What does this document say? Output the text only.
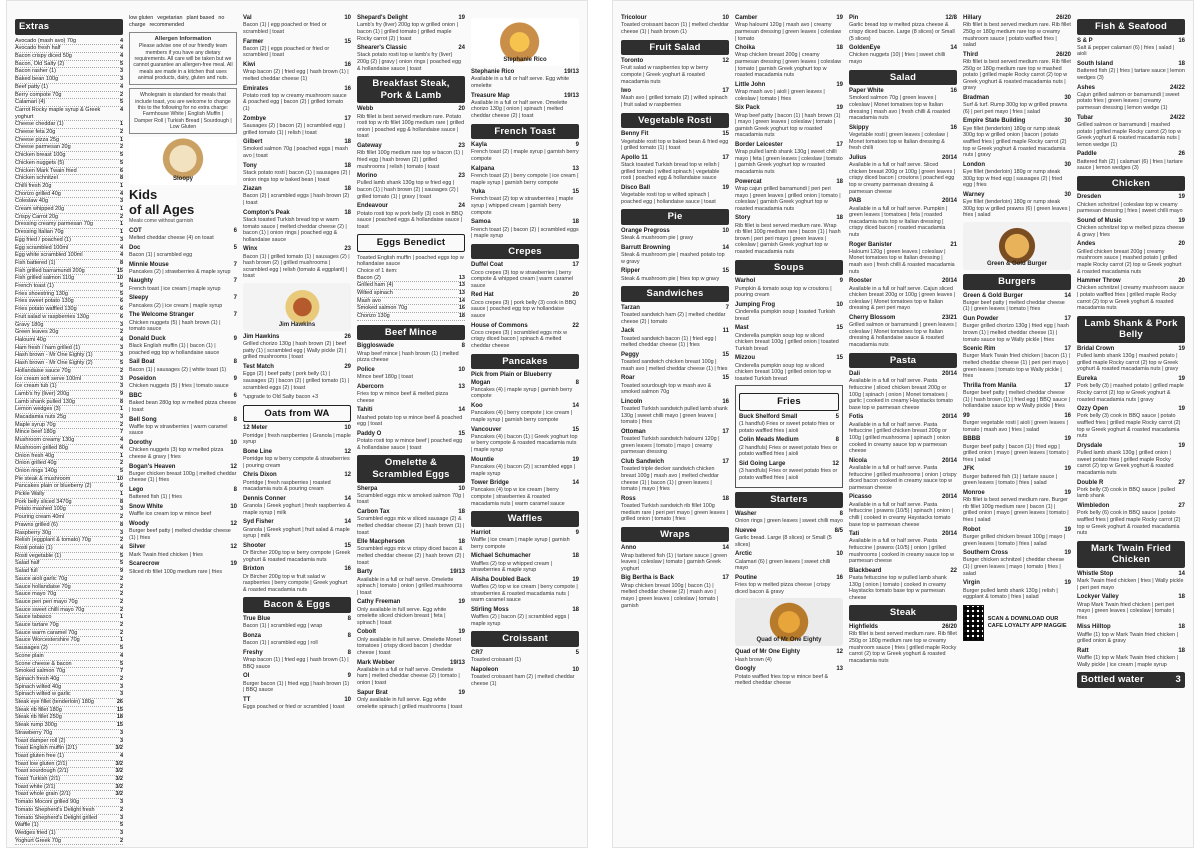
Extras
Avocado (mash avo) 70g	4
Avocado fresh half	4
Bacon crispy diced 50g	4
Bacon, Old Salty (2)	5
Bacon rasher (1)	3
Baked bean 100g	3
Beef patty (1)	4
Berry compote 70g	2
Calamari (4)	5
Carrot Rocky maple syrup & Greek yoghurt
4
Cheese cheddar (1)	1
Cheese feta 20g	2
Cheese pizza 25g	1
Cheese parmesan 20g	2
Chicken breast 100g	5
Chicken nuggets (5)	5
Chicken Mark Twain fried	6
Chicken schnitzel	8
Chilli fresh 20g	1
Chorizo grilled 40g	4
Coleslaw 40g	3
Cream whipped 20g	1
Crispy Carrot 20g	2
Dressing creamy parmesan 70g	1
Dressing Italian 70g	1
Egg fried / poached (1)	3
Egg scrambled 100ml	4
Egg white scrambled 100ml	4
Fish battered (1)	8
Fish grilled barramundi 200g	15
Fish grilled salmon 110g	10
French toast (1)	5
Fries shoestring 130g	5
Fries sweet potato 130g	6
Fries potato waffled 130g	6
Fruit salad w raspberries 130g	6
Gravy 180g	3
Green leaves 20g	2
Haloumi 40g	4
Ham fresh / ham grilled (1)	3
Hash brown - Mr One Eighty (1)	3
Hash brown - Mr One Eighty (2)	5
Hollandaise sauce 70g	2
Ice cream soft serve 100ml	3
Ice cream tub (1)	3
Lamb's fry (liver) 200g	9
Lamb shank pulled 130g	8
Lemon wedges (3)	1
Macadamia nuts 25g	3
Maple syrup 70g	2
Mince beef 180g	7
Mushroom creamy 130g	4
Mushroom grilled 80g	4
Onion fresh 40g	1
Onion grilled 40g	2
Onion rings 140g	5
Pie steak & mushroom	10
Pancakes plain or blueberry (2)	6
Pickle Wally	1
Pork belly sliced 3470g	8
Potato mashed 100g	3
Pouring cream 40ml	2
Prawns grilled (6)	8
Raspberry 30g	3
Relish (eggplant & tomato) 70g	2
Rosti potato (1)	4
Rosti vegetable (1)	5
Salad half	5
Salad full	9
Sauce aioli garlic 70g	2
Sauce hollandaise 70g	2
Sauce mayo 70g	2
Sauce peri peri mayo 70g	2
Sauce sweet chilli mayo 70g	2
Sauce tabasco	1
Sauce tartare 70g	2
Sauce warm caramel 70g	2
Sauce Worcestershire 70g	1
Sausages (2)	5
Scone plain	4
Scone cheese & bacon	5
Smoked salmon 70g	7
Spinach fresh 40g	2
Spinach wilted 40g	3
Spinach wilted w garlic	3
Steak eye fillet (tenderloin) 180g	26
Steak rib fillet 180g	15
Steak rib fillet 250g	18
Steak rump 300g	15
Strawberry 70g	3
Toast damper roll (2)	3
Toast English muffin (2/1)	3/2
Toast gluten free (1)	4
Toast low gluten (2/1)	3/2
Toast sourdough (2/1)	3/2
Toast Turkish (2/1)	3/2
Toast white (2/1)	3/2
Toast whole grain (2/1)	3/2
Tomato Moconi grilled 90g	3
Tomato Shepherd's Delight fresh	2
Tomato Shepherd's Delight grilled	3
Waffle (1)	5
Wedges fried (1)	3
Yoghurt Greek 70g	2
low gluten vegetarian plant based no charge recommended
Allergen Information
Please advise one of our friendly team members if you have any dietary requirements. All care will be taken but we cannot guarantee an allergen-free meal. All meals are made in a kitchen that uses animal products, dairy, gluten and nuts.
Wholegrain is standard for meals that include toast, you are welcome to change this to the following for no extra charge: Farmhouse White | English Muffin | Damper Roll | Turkish Bread | Sourdough | Low Gluten
Sloopy
Kids
of all Ages
Meals come without garnish
COT	6
Melted cheddar cheese (4) on toast
Doc	5
Bacon (1) | scrambled egg
Minnie Mouse	7
Pancakes (2) | strawberries & maple syrup
Naughty	7
French toast | ice cream | maple syrup
Sleepy	7
Pancakes (2) | ice cream | maple syrup
The Welcome Stranger	7
Chicken nuggets (5) | hash brown (1) | tomato sauce
Donald Duck	9
Black English muffin (1) | bacon (1) | poached egg top w hollandaise sauce
Sail Boat	8
Bacon (1) | sausages (2) | white toast (1)
Poseidon	9
Chicken nuggets (5) | fries | tomato sauce
BBC	6
Baked bean 280g top w melted pizza cheese | toast
Bell Song	8
Waffle top w strawberries | warm caramel sauce
Dorothy	10
Chicken nuggets (3) top w melted pizza cheese & gravy | fries
Bogan's Heaven	12
Burger chicken breast 100g | melted cheddar cheese (1) | fries
Lego	8
Battered fish (1) | fries
Snow White	10
Waffle ice cream top w mince beef
Woody	12
Burger beef patty | melted cheddar cheese (1) | fries
Silver	12
Mark Twain fried chicken | fries
Scarecrow	19
Sliced rib fillet 100g medium rare | fries
Val	10
Bacon (1) | egg poached or fried or scrambled | toast
Farmer	15
Bacon (2) | eggs poached or fried or scrambled | toast
Kiwi	16
Wrap bacon (2) | fried egg | hash brown (1) | melted cheddar cheese (1)
Emirates	16
Potato rosti top w creamy mushroom sauce & poached egg | bacon (2) | grilled tomato (1)
Zombye	17
Sausages (2) | bacon (2) | scrambled egg | grilled tomato (1) | relish | toast
Gilbert	18
Smoked salmon 70g | poached eggs | mash avo | toast
Tony	18
Stack potato rosti | bacon (1) | sausages (2) | onion rings top w baked bean | toast
Ziazan	18
Bacon (2) | scrambled eggs | hash brown (2) | toast
Compton's Peak	18
Stack toasted Turkish bread top w warm tomato sauce | melted cheddar cheese (2) | bacon (1) | onion rings | poached egg & hollandaise sauce
Winx	23
Bacon (1) | grilled tomato (1) | sausages (2) | hash brown (2) | grilled mushrooms | scrambled egg | relish (tomato & eggplant) | toast
Jim Hawkins
Jim Hawkins	26
Grilled chorizo 130g | hash brown (2) | beef patty (1) | scrambled egg | Wally pickle (2) | grilled mushrooms | toast
Test Match	29
Eggs (2) | beef patty | pork belly (1) | sausages (2) | bacon (2) | grilled tomato (1) | scrambled eggs (2) | toast
*upgrade to Old Salty bacon +3
Oats from WA
12 Meter	10
Porridge | fresh raspberries | Granola | maple syrup
Bone Line	12
Porridge top w berry compote & strawberries | pouring cream
Chris Dixon	12
Porridge | fresh raspberries | roasted macadamia nuts & pouring cream
Dennis Conner	14
Granola | Greek yoghurt | fresh raspberries & maple syrup | milk
Syd Fisher	14
Granola | Greek yoghurt | fruit salad & maple syrup | milk
Shooter	15
Dr Bircher 200g top w berry compote | Greek yoghurt & roasted macadamia nuts
Brixton	16
Dr Bircher 200g top w fruit salad w raspberries | berry compote | Greek yoghurt & roasted macadamia nuts
Bacon & Eggs
True Blue	8
Bacon (1) | scrambled egg | wrap
Bonza	8
Bacon (1) | scrambled egg | roll
Freshy	8
Wrap bacon (1) | fried egg | hash brown (1) | BBQ sauce
OI	9
Burger bacon (1) | fried egg | hash brown (1) | BBQ sauce
TT	10
Eggs poached or fried or scrambled | toast
Shepard's Delight	19
Lamb's fry (liver) 200g top w grilled onion | bacon (1) | grilled tomato | grilled maple Rocky carrot (2) | toast
Shearer's Classic	24
Stack potato rosti top w lamb's fry (liver) 200g (2) | gravy | onion rings | poached egg & hollandaise sauce | toast
Breakfast Steak, Pork & Lamb
Webb	20
Rib fillet is best served medium rare. Potato rosti top w rib fillet 100g medium rare | grilled onion | poached egg & hollandaise sauce | toast
Gateway	23
Rib fillet 100g medium rare top w bacon (1) | fried egg | hash brown (2) | grilled mushrooms | relish | tomato | toast
Morino	23
Pulled lamb shank 130g top w fried egg | bacon (1) | hash brown (2) | sausages (2) | grilled tomato (1) | gravy | toast
Endeavour	24
Potato rosti top w pork belly (3) cook in BBQ sauce | poached eggs & hollandaise sauce | toast
Eggs Benedict
Toasted English muffin | poached eggs top w hollandaise sauce
Choice of 1 item:
Bacon (2)	13
Grilled ham (4)	13
Wilted spinach	13
Mash avo	14
Smoked salmon 70g	16
Chorizo 130g	18
Beef Mince
Biggloswade	8
Wrap beef mince | hash brown (1) | melted pizza cheese
Police	10
Mince beef 180g | toast
Abercorn	13
Fries top w mince beef & melted pizza cheese
Tahiti	14
Mashed potato top w mince beef & poached egg | toast
Paddy O	15
Potato rosti top w mince beef | poached egg & hollandaise sauce | toast
Omelette & Scrambled Eggs
Sherpa	10
Scrambled eggs mix w smoked salmon 70g | toast
Carbon Tax	18
Scrambled eggs mix w sliced sausage (2) & melted cheddar cheese (2) | hash brown (1) | toast
Elle Macpherson	18
Scrambled eggs mix w crispy diced bacon & melted cheddar cheese (2) | hash brown (2) | toast
Barty	19/13
Available in a full or half serve. Omelette spinach | tomato | onion | grilled mushrooms | toast
Cathy Freeman	19
Only available in full serve. Egg white omelette sliced chicken breast | feta | spinach | toast
Cobolt	19
Only available in full serve. Omelette Monet tomatoes | crispy diced bacon | cheddar cheese | toast
Mark Webber	19/13
Available in a full or half serve. Omelette ham | melted cheddar cheese (2) | tomato | onion | toast
Sapur Brat	19
Only available in full serve. Egg white omelette spinach | grilled mushrooms | toast
Stephanie Rico
Stephanie Rico	19/13
Available in a full or half serve. Egg white omelette
Treasure Map	19/13
Available in a full or half serve. Omelette chorizo 130g | onion | spinach | melted cheddar cheese (2) | toast
French Toast
Kayla	9
French toast (2) | maple syrup | garnish berry compote
Kalpana	13
French toast (2) | berry compote | ice cream | maple syrup | garnish berry compote
Yuka	15
French toast (2) top w strawberries | maple syrup | whipped cream | garnish berry compote
Samoa	18
French toast (2) | bacon (2) | scrambled eggs | maple syrup
Crepes
Duffel Coat	17
Coco crepes (3) top w strawberries | berry compote & whipped cream | warm caramel sauce
Red Hat	20
Coco crepes (3) | pork belly (3) cook in BBQ sauce | poached egg top w hollandaise sauce
House of Commons	22
Coco crepes (3) | scrambled eggs mix w crispy diced bacon | spinach & melted cheddar cheese
Pancakes
Pick from Plain or Blueberry
Mogan	8
Pancakes (4) | maple syrup | garnish berry compote
Koo	14
Pancakes (4) | berry compote | ice cream | maple syrup | garnish berry compote
Vancouver	15
Pancakes (4) | bacon (1) | Greek yoghurt top w berry compote & roasted macadamia nuts | maple syrup
Mountie	19
Pancakes (4) | bacon (2) | scrambled eggs | maple syrup
Tower Bridge	14
Pancakes (4) top w ice cream | berry compote | strawberries & roasted macadamia nuts | warm caramel sauce
Waffles
Harriot	9
Waffle | ice cream | maple syrup | garnish berry compote
Michael Schumacher	18
Waffles (2) top w whipped cream | strawberries & maple syrup
Alisha Doubled Back	19
Waffles (2) top w ice cream | berry compote | strawberries & roasted macadamia nuts | warm caramel sauce
Stirling Moss	18
Waffles (2) | bacon (2) | scrambled eggs | maple syrup
Croissant
CR7	5
Toasted croissant (1)
Napoleon	10
Toasted croissant ham (2) | melted cheddar cheese (1)
Tricolour	10
Toasted croissant bacon (1) | melted cheddar cheese (1) | hash brown (1)
Fruit Salad
Toronto	12
Fruit salad w raspberries top w berry compote | Greek yoghurt & roasted macadamia nuts
Iwo	17
Mash avo | grilled tomato (2) | wilted spinach | fruit salad w raspberries
Vegetable Rosti
Benny Fit	15
Vegetable rosti top w baked bean & fried egg | grilled tomato (1) | toast
Apollo 11	17
Stack toasted Turkish bread top w relish | grilled tomato | wilted spinach | vegetable rosti | poached egg & hollandaise sauce
Disco Ball	19
Vegetable rosti top w wilted spinach | poached egg | hollandaise sauce | toast
Pie
Orange Pregross	10
Steak & mushroom pie | gravy
Barrutt Browning	14
Steak & mushroom pie | mashed potato top w gravy
Ripper	15
Steak & mushroom pie | fries top w gravy
Sandwiches
Tarzan	7
Toasted sandwich ham (2) | melted cheddar cheese (2) | tomato
Jack	11
Toasted sandwich bacon (1) | fried egg | melted cheddar cheese (1) | fries
Peggy	15
Toasted sandwich chicken breast 100g | mash avo | melted cheddar cheese (1) | fries
Roar	15
Toasted sourdough top w mash avo & smoked salmon 70g
Lincoln	16
Toasted Turkish sandwich pulled lamb shank 130g | sweet chilli mayo | green leaves | tomato | fries
Ottoman	17
Toasted Turkish sandwich haloumi 120g | green leaves | tomato | mayo | creamy parmesan dressing
Club Sandwich	17
Toasted triple decker sandwich chicken breast 100g | mash avo | melted cheddar cheese (1) | bacon (1) | green leaves | tomato | mayo | fries
Ross	18
Toasted Turkish sandwich rib fillet 100g medium rare | peri peri mayo | green leaves | grilled onion | tomato | fries
Wraps
Anno	14
Wrap battered fish (1) | tartare sauce | green leaves | coleslaw | tomato | garnish Greek yoghurt
Big Bertha is Back	17
Wrap chicken breast 100g | bacon (1) | melted cheddar cheese (2) | mash avo | mayo | green leaves | coleslaw | tomato | garnish
Camber	19
Wrap haloumi 120g | mash avo | creamy parmesan dressing | green leaves | coleslaw | tomato
Choika	18
Wrap chicken breast 200g | creamy parmesan dressing | green leaves | coleslaw | tomato | garnish Greek yoghurt top w roasted macadamia nuts
Little John	19
Wrap mash avo | aioli | green leaves | coleslaw | tomato | fries
Six Pack	19
Wrap beef patty | bacon (1) | hash brown (1) | mayo | green leaves | coleslaw | tomato | garnish Greek yoghurt top w roasted macadamia nuts
Border Leicester	17
Wrap pulled lamb shank 130g | sweet chilli mayo | feta | green leaves | coleslaw | tomato | garnish Greek yoghurt top w roasted macadamia nuts
Powercat	18
Wrap cajun grilled barramundi | peri peri mayo | green leaves | grilled onion | tomato | coleslaw | garnish Greek yoghurt top w roasted macadamia nuts
Story	18
Rib fillet is best served medium rare. Wrap rib fillet 100g medium rare | bacon (1) | hash brown | peri peri mayo | green leaves | coleslaw | garnish Greek yoghurt top w roasted macadamia nuts
Soups
Warhol	9
Pumpkin & tomato soup top w croutons | pouring cream
Jumping Frog	10
Cinderella pumpkin soup | toasted Turkish bread
Mast	15
Cinderella pumpkin soup top w sliced chicken breast 100g | grilled onion | toasted Turkish bread
Mizzou	15
Cinderella pumpkin soup top w sliced chicken breast 100g | grilled onion top w toasted Turkish bread
Fries
Buck Shelford Small	5
(1 handful) Fries or sweet potato fries or potato waffled fries | aioli
Colin Meads Medium	8
(2 handfuls) Fries or sweet potato fries or potato waffled fries | aioli
Sid Going Large	12
(3 handfuls) Fries or sweet potato fries or potato waffled fries | aioli
Starters
Washer	8
Onion rings | green leaves | sweet chilli mayo
Nuevee	8/5
Garlic bread. Large (8 slices) or Small (5 slices)
Arctic	10
Calamari (6) | green leaves | sweet chilli mayo
Poutine	16
Fries top w melted pizza cheese | crispy diced bacon & gravy
Quad of Mr One Eighty
Quad of Mr One Eighty	12
Hash brown (4)
Googly	13
Potato waffled fries top w mince beef & melted cheddar cheese
Pin	12/8
Garlic bread top w melted pizza cheese & crispy diced bacon. Large (8 slices) or Small (5 slices)
GoldenEye	14
Chicken nuggets (10) | fries | sweet chilli mayo
Salad
Paper White	16
Smoked salmon 70g | green leaves | coleslaw | Monet tomatoes top w Italian dressing | mash avo | fresh chilli & roasted macadamia nuts
Skippy	16
Vegetable rosti | green leaves | coleslaw | Monet tomatoes top w Italian dressing & fresh chilli
Julius	20/14
Available in a full or half serve. Sliced chicken breast 200g or 100g | green leaves | crispy diced bacon | croutons | poached egg top w creamy parmesan dressing & parmesan cheese
PAB	20/14
Available in a full or half serve. Pumpkin | green leaves | tomatoes | feta | roasted macadamia nuts top w Italian dressing | crispy diced bacon | roasted macadamia nuts
Roger Banister	21
Haloumi 120g | green leaves | coleslaw | Monet tomatoes top w Italian dressing | mash avo | fresh chilli & roasted macadamia nuts
Rooster	20/14
Available in a full or half serve. Cajun sliced chicken breast 200g or 100g | green leaves | coleslaw | Monet tomatoes top w Italian dressing & peri peri mayo
Cherry Blossom	23/21
Grilled salmon or barramundi | green leaves | coleslaw | Monet tomatoes top w Italian dressing & hollandaise sauce & roasted macadamia nuts
Pasta
Dali	20/14
Available in a full or half serve. Pasta fettuccine | sliced chicken breast 200g or 100g | spinach | onion | Monet tomatoes | garlic | cooked in creamy Haystacks tomato base top w parmesan cheese
Fotis	20/14
Available in a full or half serve. Pasta fettuccine | grilled chicken breast 200g or 100g | grilled mushrooms | spinach | onion cooked in creamy sauce top w parmesan cheese
Nicola	20/14
Available in a full or half serve. Pasta fettuccine | grilled mushrooms | onion | crispy diced bacon cooked in creamy sauce top w parmesan cheese
Picasso	20/14
Available in a full or half serve. Pasta fettuccine | prawns (10/5) | spinach | onion | chilli | cooked in creamy Haystacks tomato base top w parmesan cheese
Tati	20/14
Available in a full or half serve. Pasta fettuccine | prawns (10/5) | onion | grilled mushrooms | cooked in creamy sauce top w parmesan cheese
Blackbeard	22
Pasta fettuccine top w pulled lamb shank 130g | onion | tomato | cooked in creamy Haystacks tomato base top w parmesan cheese
Steak
Highfields	26/20
Rib fillet is best served medium rare. Rib fillet 250g or 180g medium rare top w creamy mushroom sauce | fries | grilled maple Rocky carrot (2) top w Greek yoghurt & roasted macadamia nuts
Hillary	26/20
Rib fillet is best served medium rare. Rib fillet 250g or 180g medium rare top w creamy mushroom sauce | potato waffled fries | salad
Third	26/20
Rib fillet is best served medium rare. Rib fillet 250g or 180g medium rare top w mashed potato | grilled maple Rocky carrot (2) top w Greek yoghurt & roasted macadamia nuts | gravy
Bradman	30
Surf & turf. Rump 300g top w grilled prawns (6) | peri peri mayo | fries | salad
Empire State Building	30
Eye fillet (tenderloin) 180g or rump steak 300g top w grilled onion | bacon | potato waffled fries | grilled maple Rocky carrot (2) top w Greek yoghurt & roasted macadamia nuts | gravy
London	30
Eye fillet (tenderloin) 180g or rump steak 300g top w fried egg | sausages (2) | fried egg | fries
Warney	30
Eye fillet (tenderloin) 180g or rump steak 300g top w grilled prawns (6) | green leaves | fries | salad
Green & Gold Burger
Burgers
Green & Gold Burger	14
Burger beef patty | melted cheddar cheese (1) | green leaves | tomato | fries
Gun Powder	17
Burger grilled chorizo 130g | fried egg | hash brown (1) | melted cheddar cheese (1) | tomato sauce top w Wally pickle | fries
Scenic Rim	17
Burger Mark Twain fried chicken | bacon (1) | melted cheddar cheese (1) | peri peri mayo | green leaves | tomato top w Wally pickle | fries
Thrilla from Manila	17
Burger beef patty | melted cheddar cheese (1) | hash brown (1) | fried egg | BBQ sauce | hollandaise sauce top w Wally pickle | fries
99	16
Burger vegetable rosti | aioli | green leaves | tomato | mash avo | fries | salad
BBBB	19
Burger beef patty | bacon (1) | fried egg | grilled onion | mayo | green leaves | tomato | fries | salad
JFK	19
Burger battered fish (1) | tartare sauce | green leaves | tomato | fries | salad
Monroe	19
Rib fillet is best served medium rare. Burger rib fillet 100g medium rare | bacon (1) | grilled onion | mayo | green leaves | tomato | fries | salad
Robot	19
Burger grilled chicken breast 100g | mayo | green leaves | tomato | fries | salad
Southern Cross	19
Burger chicken schnitzel | cheddar cheese (1) | green leaves | mayo | tomato | fries | salad
Virgin	19
Burger pulled lamb shank 130g | relish | eggplant & tomato | fries | salad
SCAN & DOWNLOAD OUR CAFE LOYALTY APP MAGGIE
Fish & Seafood
S & P	16
Salt & pepper calamari (6) | fries | salad | aioli
South Island	18
Battered fish (2) | fries | tartare sauce | lemon wedges (3)
Ashes	24/22
Cajun grilled salmon or barramundi | sweet potato fries | green leaves | creamy parmesan dressing | lemon wedge (1)
Tubar	24/22
Grilled salmon or barramundi | mashed potato | grilled maple Rocky carrot (2) top w Greek yoghurt & roasted macadamia nuts | lemon wedge (1)
Paddle	26
Battered fish (2) | calamari (6) | fries | tartare sauce | lemon wedges (3)
Chicken
Dresden	19
Chicken schnitzel | coleslaw top w creamy parmesan dressing | fries | sweet chilli mayo
Sound of Music	19
Chicken schnitzel top w melted pizza cheese & gravy | fries
Andes	20
Grilled chicken breast 200g | creamy mushroom sauce | mashed potato | grilled maple Rocky carrot (2) top w Greek yoghurt & roasted macadamia nuts
Hammer Throw	20
Chicken schnitzel | creamy mushroom sauce | potato waffled fries | grilled maple Rocky carrot (2) top w Greek yoghurt & roasted macadamia nuts
Lamb Shank & Pork Belly
Bridal Crown	19
Pulled lamb shank 130g | mashed potato | grilled maple Rocky carrot (2) top w Greek yoghurt & roasted macadamia nuts | gravy
Eureka	19
Pork belly (3) | mashed potato | grilled maple Rocky carrot (2) top w Greek yoghurt & roasted macadamia nuts | gravy
Ozzy Open	19
Pork belly (3) cook in BBQ sauce | potato waffled fries | grilled maple Rocky carrot (2) top w Greek yoghurt & roasted macadamia nuts
Drysdale	19
Pulled lamb shank 130g | grilled onion | sweet potato fries | grilled maple Rocky carrot (2) top w Greek yoghurt & roasted macadamia nuts
Double R	27
Pork belly (3) cook in BBQ sauce | pulled lamb shank
Wimbledon	27
Pork belly (6) cook in BBQ sauce | potato waffled fries | grilled maple Rocky carrot (2) top w Greek yoghurt & roasted macadamia nuts
Mark Twain Fried Chicken
Whistle Stop	14
Mark Twain fried chicken | fries | Wally pickle | peri peri mayo
Lockyer Valley	18
Wrap Mark Twain fried chicken | peri peri mayo | green leaves | coleslaw | tomato | fries
Miss Hilltop	18
Waffle (1) top w Mark Twain fried chicken | grilled onion & gravy
Ratt	18
Waffle (1) top w Mark Twain fried chicken | Wally pickle | ice cream | maple syrup
Bottled water	3
